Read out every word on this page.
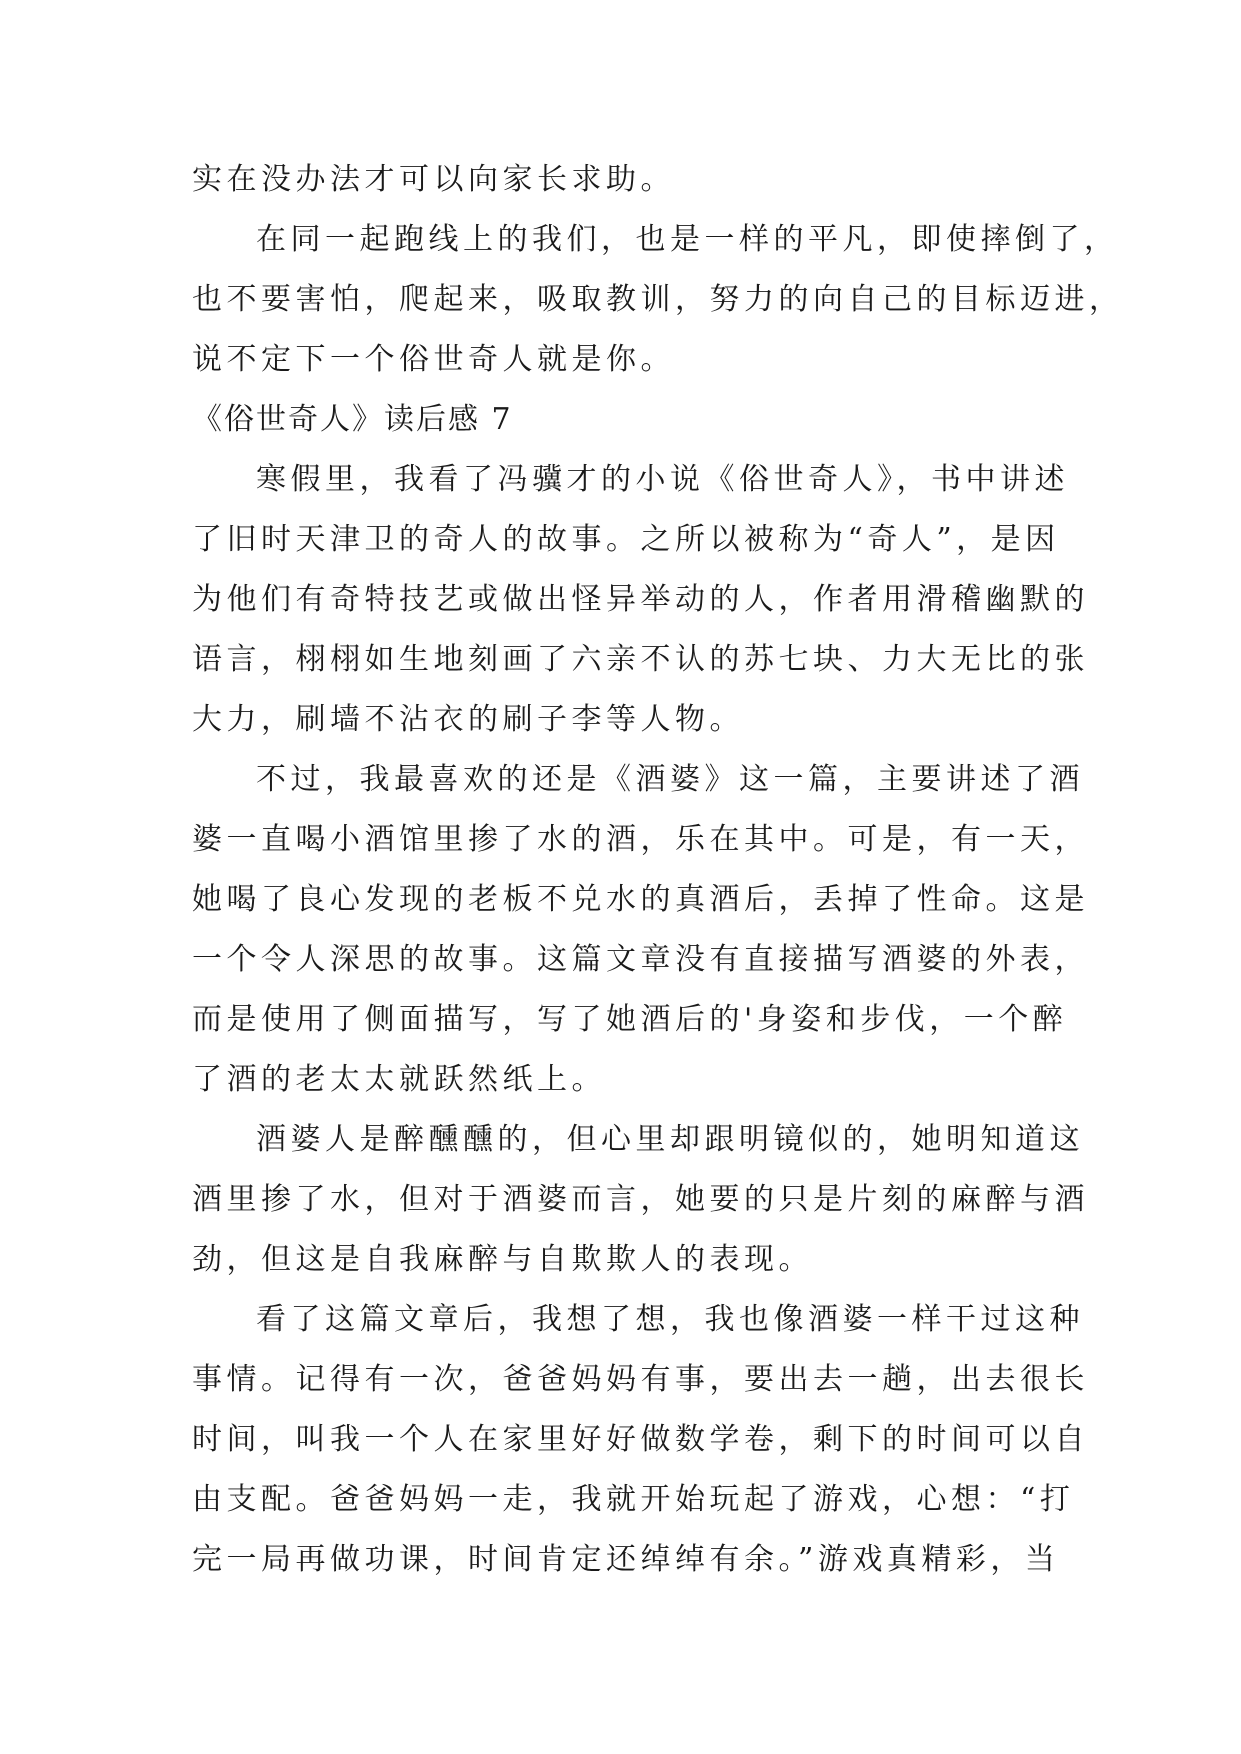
实在没办法才可以向家长求助。
在同一起跑线上的我们，也是一样的平凡，即使摔倒了，
也不要害怕，爬起来，吸取教训，努力的向自己的目标迈进，
说不定下一个俗世奇人就是你。
《俗世奇人》读后感 7
寒假里，我看了冯骥才的小说《俗世奇人》，书中讲述
了旧时天津卫的奇人的故事。之所以被称为“奇人”，是因
为他们有奇特技艺或做出怪异举动的人，作者用滑稽幽默的
语言，栩栩如生地刻画了六亲不认的苏七块、力大无比的张
大力，刷墙不沾衣的刷子李等人物。
不过，我最喜欢的还是《酒婆》这一篇，主要讲述了酒
婆一直喝小酒馆里掺了水的酒，乐在其中。可是，有一天，
她喝了良心发现的老板不兑水的真酒后，丢掉了性命。这是
一个令人深思的故事。这篇文章没有直接描写酒婆的外表，
而是使用了侧面描写，写了她酒后的'身姿和步伐，一个醉
了酒的老太太就跃然纸上。
酒婆人是醉醺醺的，但心里却跟明镜似的，她明知道这
酒里掺了水，但对于酒婆而言，她要的只是片刻的麻醉与酒
劲，但这是自我麻醉与自欺欺人的表现。
看了这篇文章后，我想了想，我也像酒婆一样干过这种
事情。记得有一次，爸爸妈妈有事，要出去一趟，出去很长
时间，叫我一个人在家里好好做数学卷，剩下的时间可以自
由支配。爸爸妈妈一走，我就开始玩起了游戏，心想：“打
完一局再做功课，时间肯定还绰绰有余。”游戏真精彩，当
